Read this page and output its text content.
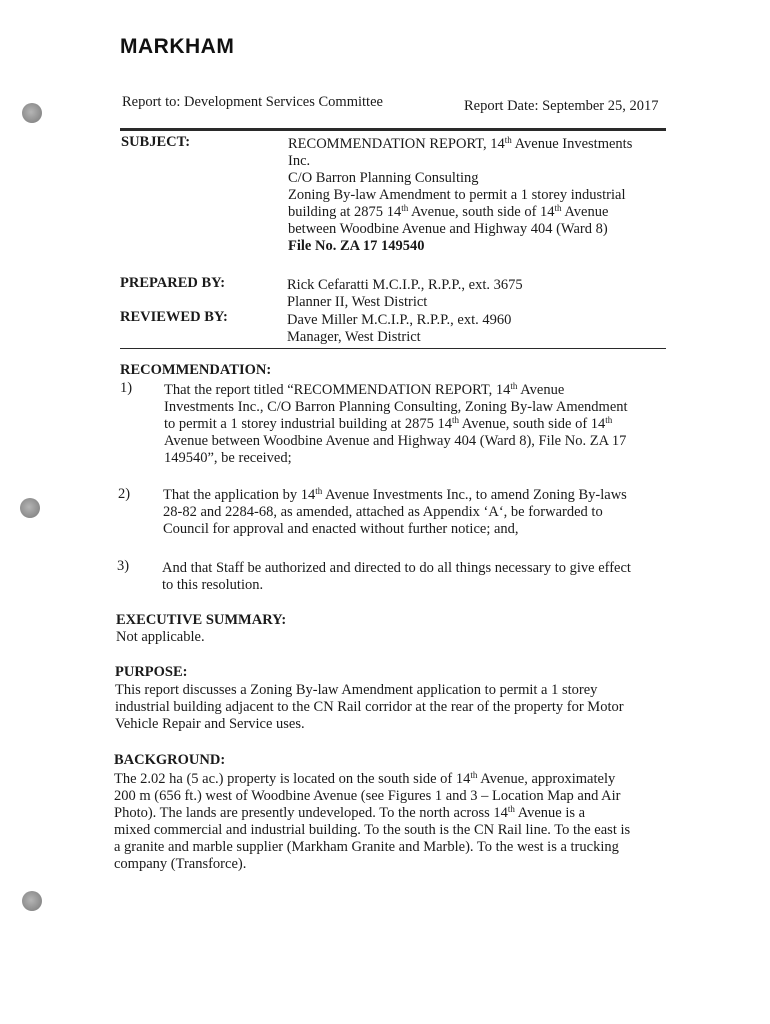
MARKHAM
Report to: Development Services Committee	Report Date: September 25, 2017
SUBJECT:	RECOMMENDATION REPORT, 14th Avenue Investments
Inc.
C/O Barron Planning Consulting
Zoning By-law Amendment to permit a 1 storey industrial
building at 2875 14th Avenue, south side of 14th Avenue
between Woodbine Avenue and Highway 404 (Ward 8)
File No. ZA 17 149540
PREPARED BY:	Rick Cefaratti M.C.I.P., R.P.P., ext. 3675
Planner II, West District
REVIEWED BY:	Dave Miller M.C.I.P., R.P.P., ext. 4960
Manager, West District
RECOMMENDATION:
1) That the report titled “RECOMMENDATION REPORT, 14th Avenue
Investments Inc., C/O Barron Planning Consulting, Zoning By-law Amendment
to permit a 1 storey industrial building at 2875 14th Avenue, south side of 14th
Avenue between Woodbine Avenue and Highway 404 (Ward 8), File No. ZA 17
149540”, be received;
2) That the application by 14th Avenue Investments Inc., to amend Zoning By-laws
28-82 and 2284-68, as amended, attached as Appendix ‘A‘, be forwarded to
Council for approval and enacted without further notice; and,
3) And that Staff be authorized and directed to do all things necessary to give effect
to this resolution.
EXECUTIVE SUMMARY:
Not applicable.
PURPOSE:
This report discusses a Zoning By-law Amendment application to permit a 1 storey
industrial building adjacent to the CN Rail corridor at the rear of the property for Motor
Vehicle Repair and Service uses.
BACKGROUND:
The 2.02 ha (5 ac.) property is located on the south side of 14th Avenue, approximately
200 m (656 ft.) west of Woodbine Avenue (see Figures 1 and 3 – Location Map and Air
Photo). The lands are presently undeveloped. To the north across 14th Avenue is a
mixed commercial and industrial building. To the south is the CN Rail line. To the east is
a granite and marble supplier (Markham Granite and Marble). To the west is a trucking
company (Transforce).
